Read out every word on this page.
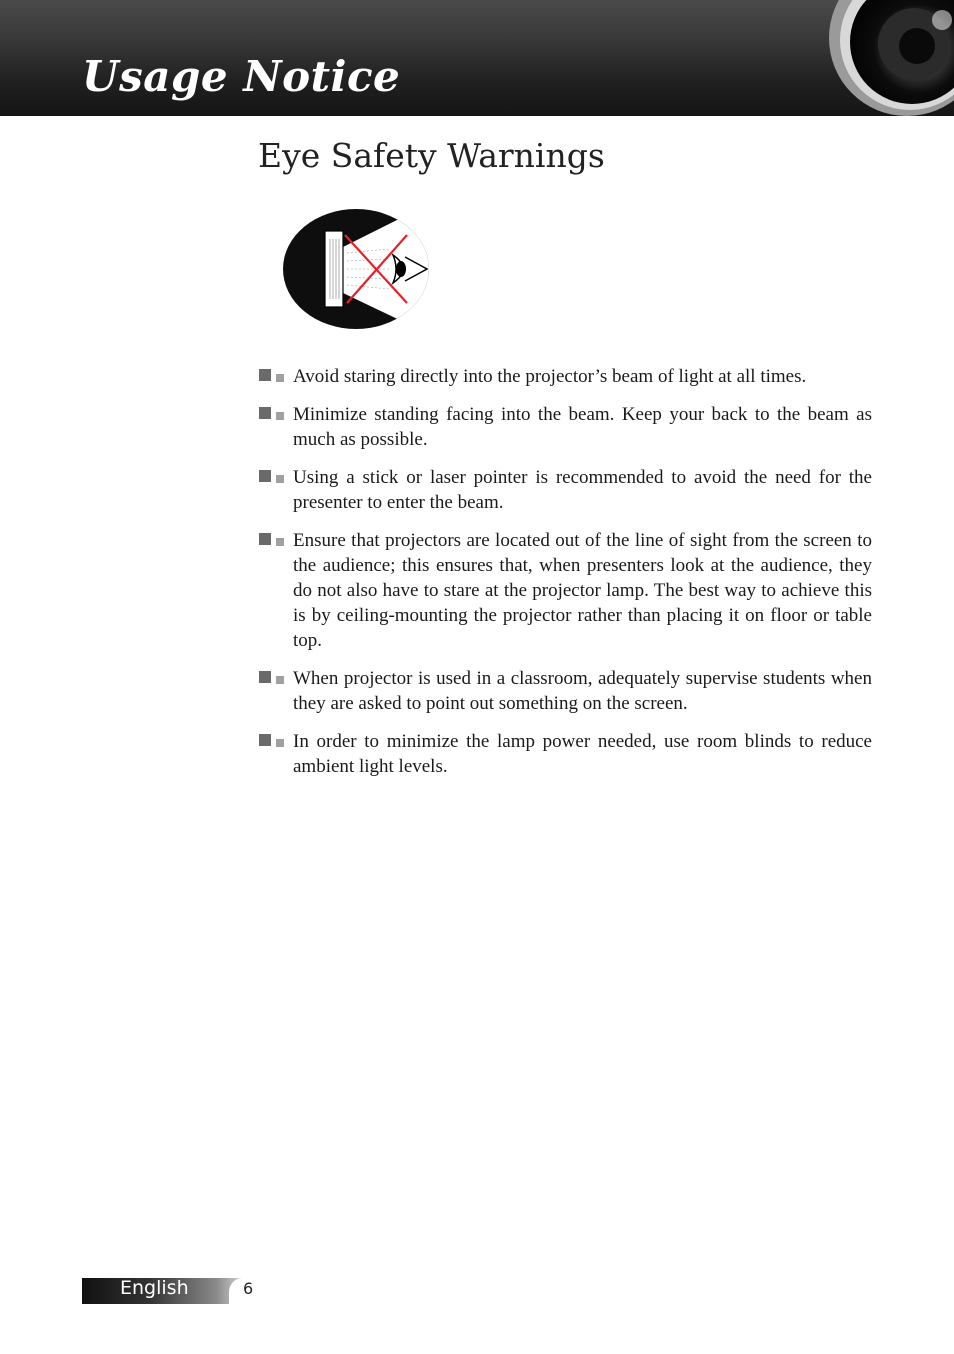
Usage Notice
Eye Safety Warnings
Avoid staring directly into the projector’s beam of light at all times.
Minimize standing facing into the beam. Keep your back to the beam as much as possible.
Using a stick or laser pointer is recommended to avoid the need for the presenter to enter the beam.
Ensure that projectors are located out of the line of sight from the screen to the audience; this ensures that, when presenters look at the audience, they do not also have to stare at the projector lamp. The best way to achieve this is by ceiling-mounting the projector rather than placing it on floor or table top.
When projector is used in a classroom, adequately supervise students when they are asked to point out something on the screen.
In order to minimize the lamp power needed, use room blinds to reduce ambient light levels.
English	6
